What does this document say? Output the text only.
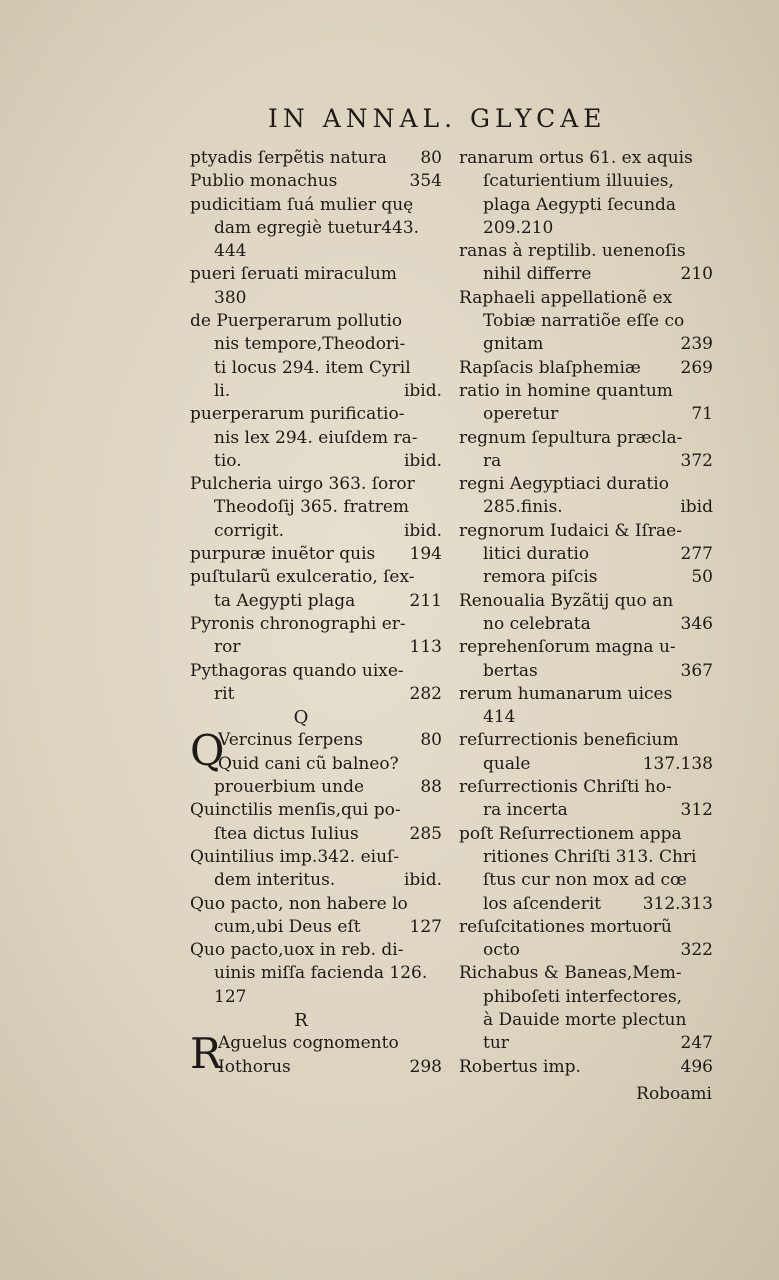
IN ANNAL. GLYCAE
80
ptyadis ſerpẽtis natura
354
Publio monachus
pudicitiam ſuá mulier quę
dam egregiè tuetur443.
444
pueri ſeruati miraculum
380
de Puerperarum pollutio
nis tempore,Theodori-
ti locus 294. item Cyril
ibid.
li.
puerperarum purificatio-
nis lex 294. eiuſdem ra-
ibid.
tio.
Pulcheria uirgo 363. ſoror
Theodoſij 365. fratrem
ibid.
corrigit.
194
purpuræ inuẽtor quis
puſtularũ exulceratio, ſex-
211
ta Aegypti plaga
Pyronis chronographi er-
113
ror
Pythagoras quando uixe-
282
rit
Q
Q	80
Vercinus ſerpens
Quid cani cũ balneo?
88
prouerbium unde
Quinctilis menſis,qui po-
285
ſtea dictus Iulius
Quintilius imp.342. eiuſ-
ibid.
dem interitus.
Quo pacto, non habere lo
127
cum,ubi Deus eſt
Quo pacto,uox in reb. di-
uinis miſſa facienda 126.
127
R
R
Aguelus cognomento
298
Iothorus
ranarum ortus 61. ex aquis
ſcaturientium illuuies,
plaga Aegypti ſecunda
209.210
ranas à reptilib. uenenoſis
210
nihil differre
Raphaeli appellationẽ ex
Tobiæ narratiõe eſſe co
239
gnitam
269
Rapſacis blaſphemiæ
ratio in homine quantum
71
operetur
regnum ſepultura præcla-
372
ra
regni Aegyptiaci duratio
ibid
285.finis.
regnorum Iudaici & Iſrae-
277
litici duratio
50
remora piſcis
Renoualia Byzãtij quo an
346
no celebrata
reprehenſorum magna u-
367
bertas
rerum humanarum uices
414
reſurrectionis beneficium
137.138
quale
reſurrectionis Chriſti ho-
312
ra incerta
poſt Reſurrectionem appa
ritiones Chriſti 313. Chri
ſtus cur non mox ad cœ
312.313
los aſcenderit
reſuſcitationes mortuorũ
322
octo
Richabus & Baneas,Mem-
phiboſeti interfectores,
à Dauide morte plectun
247
tur
496
Robertus imp.
Roboami
